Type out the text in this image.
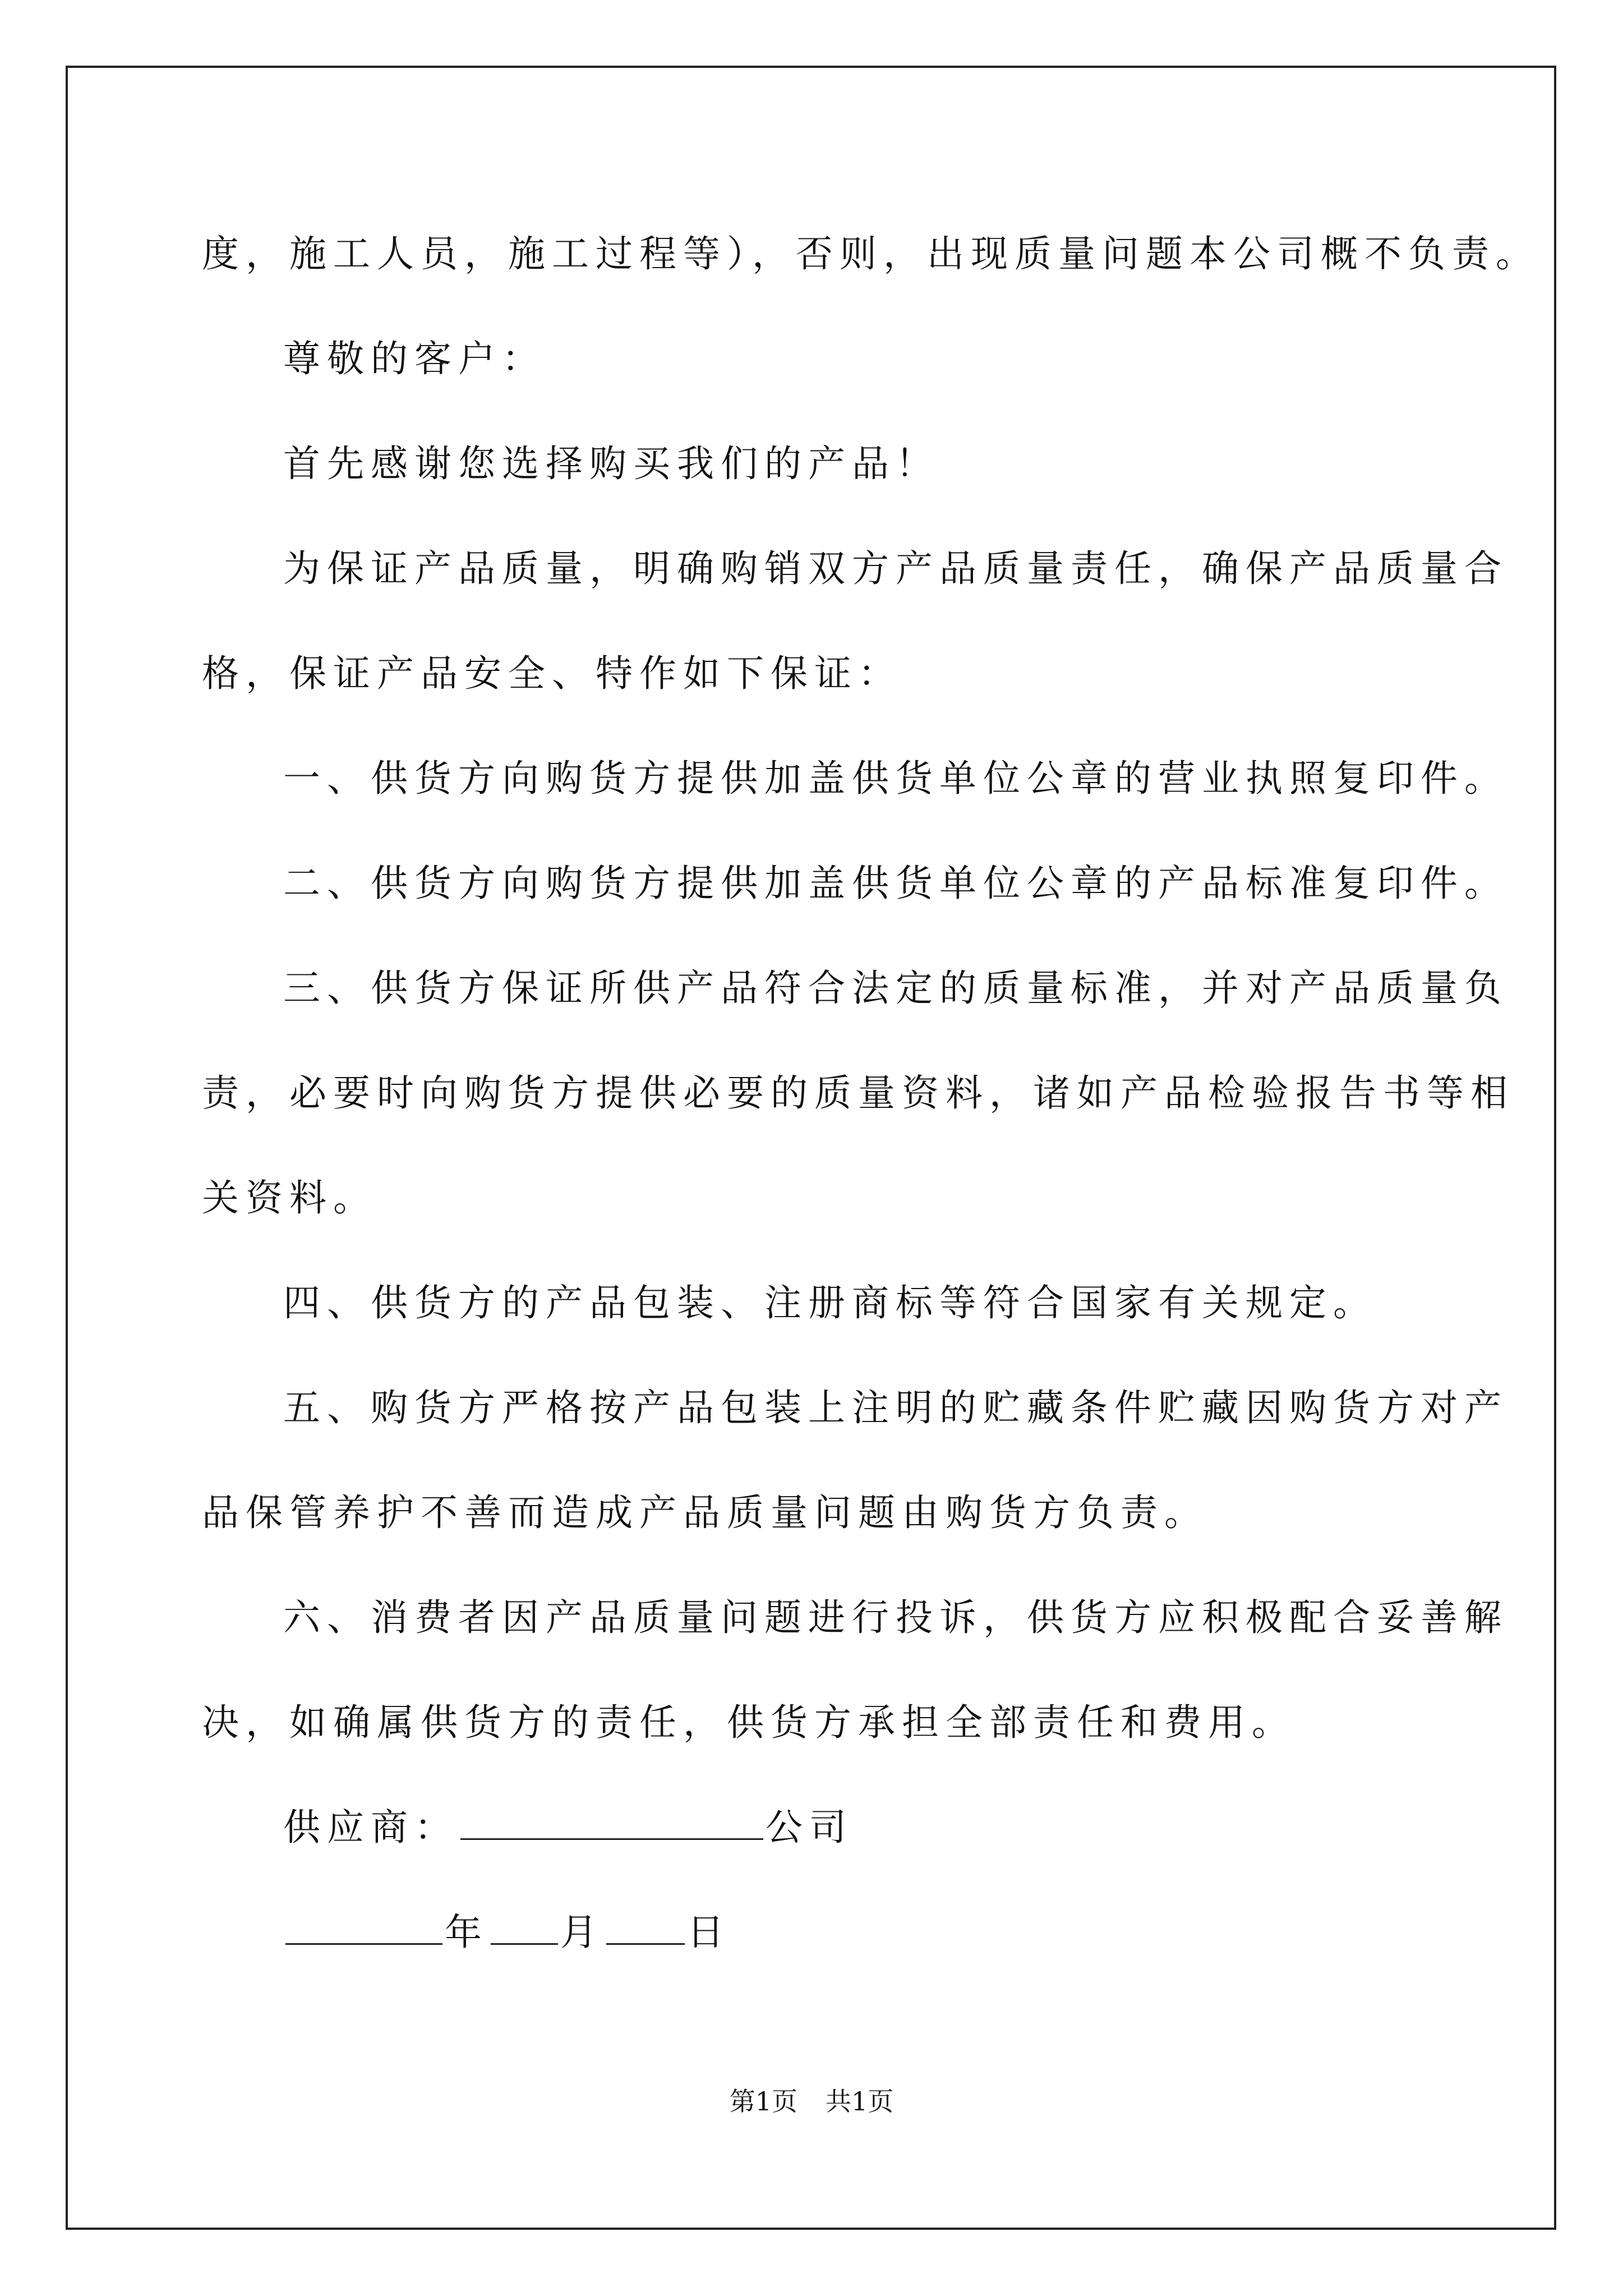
度，施工人员，施工过程等），否则，出现质量问题本公司概不负责。
尊敬的客户：
首先感谢您选择购买我们的产品！
为保证产品质量，明确购销双方产品质量责任，确保产品质量合
格，保证产品安全、特作如下保证：
一、供货方向购货方提供加盖供货单位公章的营业执照复印件。
二、供货方向购货方提供加盖供货单位公章的产品标准复印件。
三、供货方保证所供产品符合法定的质量标准，并对产品质量负
责，必要时向购货方提供必要的质量资料，诸如产品检验报告书等相
关资料。
四、供货方的产品包装、注册商标等符合国家有关规定。
五、购货方严格按产品包装上注明的贮藏条件贮藏因购货方对产
品保管养护不善而造成产品质量问题由购货方负责。
六、消费者因产品质量问题进行投诉，供货方应积极配合妥善解
决，如确属供货方的责任，供货方承担全部责任和费用。
供应商：	公司
年 月 日
第1页 共1页
